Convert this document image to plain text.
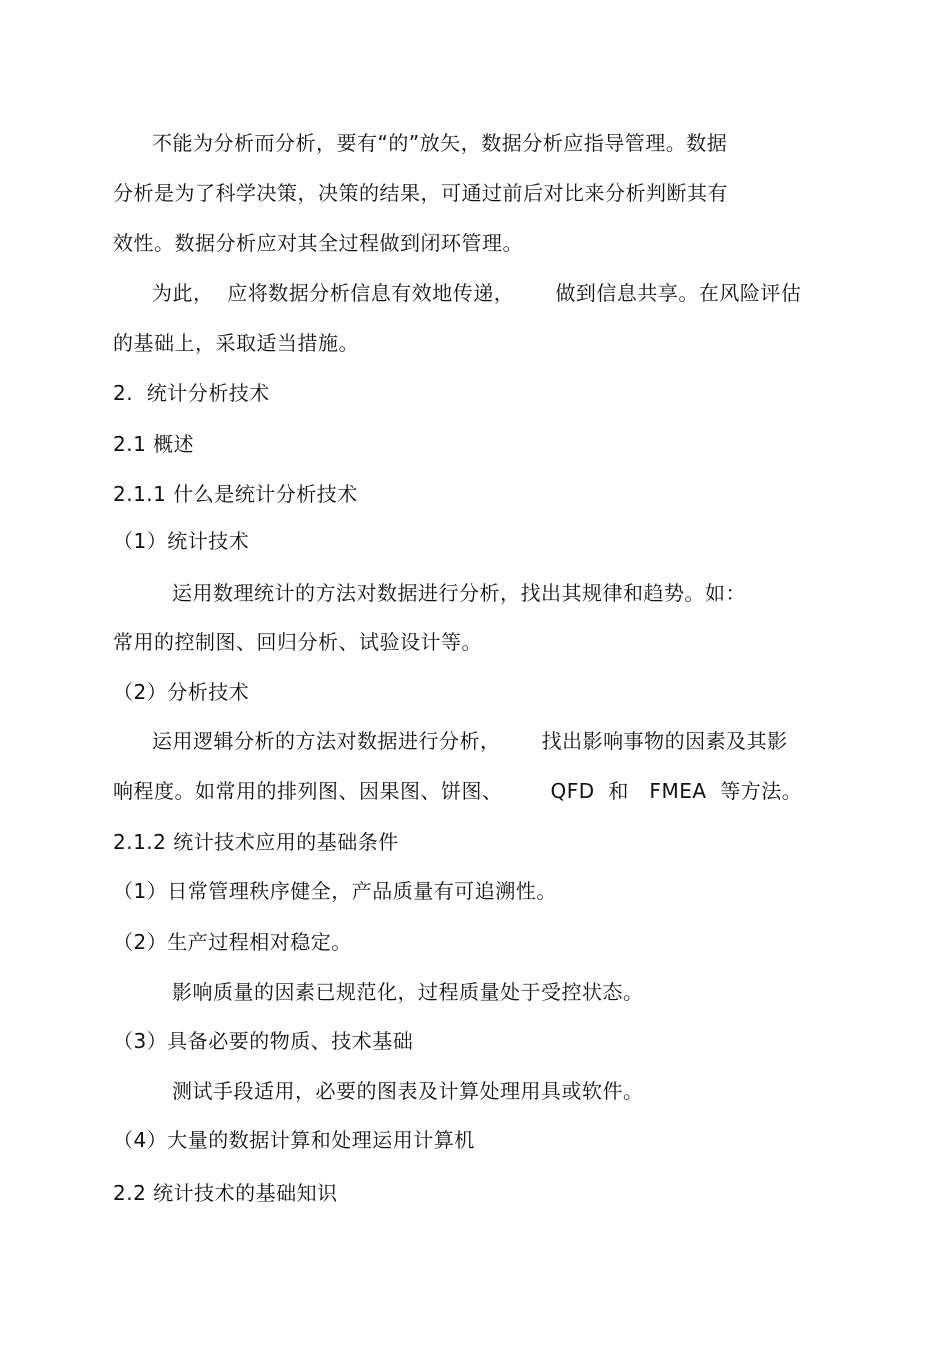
不能为分析而分析，要有“的”放矢，数据分析应指导管理。数据
分析是为了科学决策，决策的结果，可通过前后对比来分析判断其有
效性。数据分析应对其全过程做到闭环管理。
为此，  应将数据分析信息有效地传递，      做到信息共享。在风险评估
的基础上，采取适当措施。
2.  统计分析技术
2.1 概述
2.1.1 什么是统计分析技术
（1）统计技术
运用数理统计的方法对数据进行分析，找出其规律和趋势。如：
常用的控制图、回归分析、试验设计等。
（2）分析技术
运用逻辑分析的方法对数据进行分析，      找出影响事物的因素及其影
响程度。如常用的排列图、因果图、饼图、       QFD  和   FMEA  等方法。
2.1.2 统计技术应用的基础条件
（1）日常管理秩序健全，产品质量有可追溯性。
（2）生产过程相对稳定。
影响质量的因素已规范化，过程质量处于受控状态。
（3）具备必要的物质、技术基础
测试手段适用，必要的图表及计算处理用具或软件。
（4）大量的数据计算和处理运用计算机
2.2 统计技术的基础知识
